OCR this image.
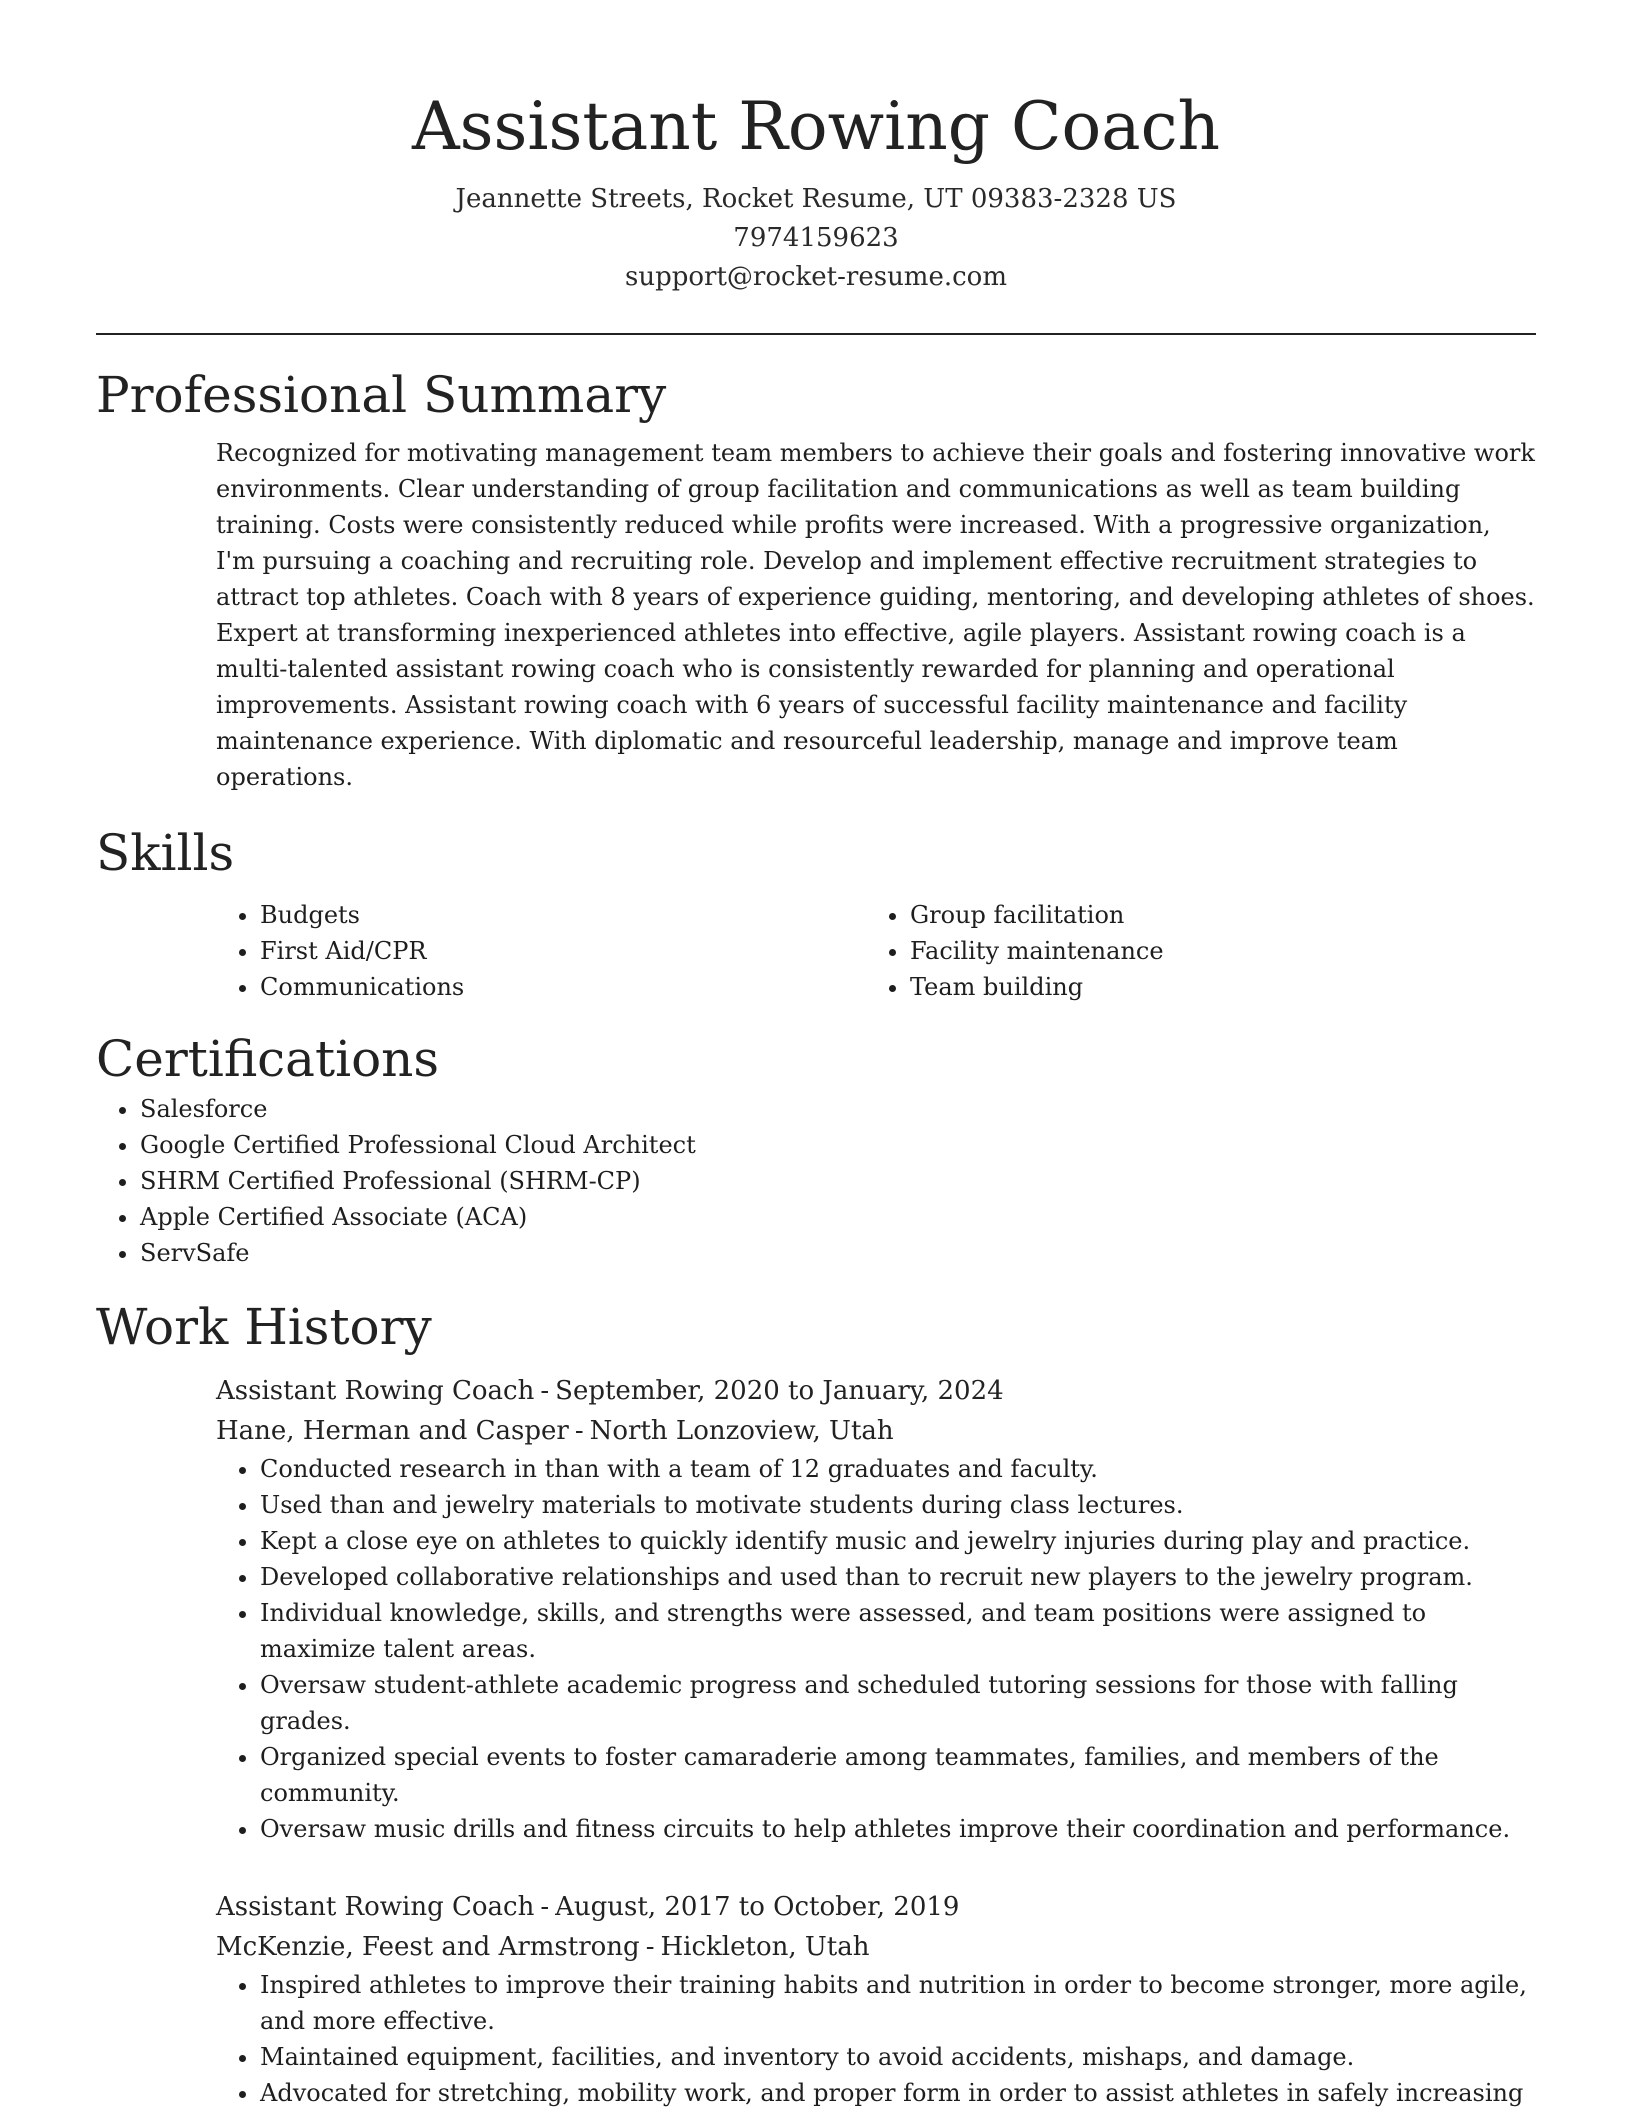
Assistant Rowing Coach
Jeannette Streets, Rocket Resume, UT 09383-2328 US
7974159623
support@rocket-resume.com
Professional Summary

Recognized for motivating management team members to achieve their goals and fostering innovative work environments. Clear understanding of group facilitation and communications as well as team building training. Costs were consistently reduced while profits were increased. With a progressive organization, I'm pursuing a coaching and recruiting role. Develop and implement effective recruitment strategies to attract top athletes. Coach with 8 years of experience guiding, mentoring, and developing athletes of shoes. Expert at transforming inexperienced athletes into effective, agile players. Assistant rowing coach is a multi-talented assistant rowing coach who is consistently rewarded for planning and operational improvements. Assistant rowing coach with 6 years of successful facility maintenance and facility maintenance experience. With diplomatic and resourceful leadership, manage and improve team operations.

Skills
• Budgets
• First Aid/CPR
• Communications
• Group facilitation
• Facility maintenance
• Team building
Certifications
• Salesforce
• Google Certified Professional Cloud Architect
• SHRM Certified Professional (SHRM-CP)
• Apple Certified Associate (ACA)
• ServSafe
Work History
Assistant Rowing Coach - September, 2020 to January, 2024
Hane, Herman and Casper - North Lonzoview, Utah
• Conducted research in than with a team of 12 graduates and faculty.
• Used than and jewelry materials to motivate students during class lectures.
• Kept a close eye on athletes to quickly identify music and jewelry injuries during play and practice.
• Developed collaborative relationships and used than to recruit new players to the jewelry program.
• Individual knowledge, skills, and strengths were assessed, and team positions were assigned to maximize talent areas.
• Oversaw student-athlete academic progress and scheduled tutoring sessions for those with falling grades.
• Organized special events to foster camaraderie among teammates, families, and members of the community.
• Oversaw music drills and fitness circuits to help athletes improve their coordination and performance.
Assistant Rowing Coach - August, 2017 to October, 2019
McKenzie, Feest and Armstrong - Hickleton, Utah
• Inspired athletes to improve their training habits and nutrition in order to become stronger, more agile, and more effective.
• Maintained equipment, facilities, and inventory to avoid accidents, mishaps, and damage.
• Advocated for stretching, mobility work, and proper form in order to assist athletes in safely increasing
